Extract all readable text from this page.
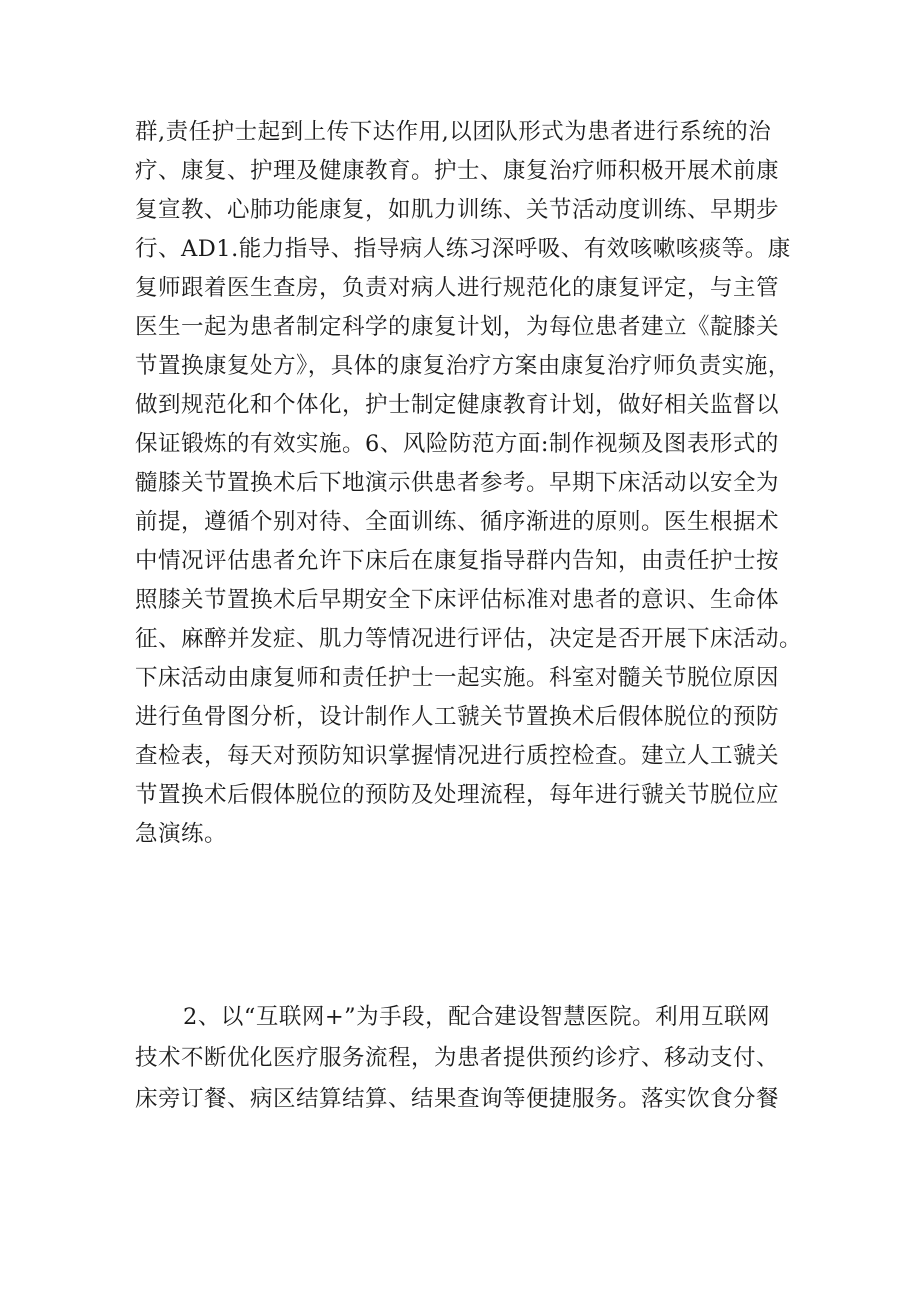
群,责任护士起到上传下达作用,以团队形式为患者进行系统的治
疗、康复、护理及健康教育。护士、康复治疗师积极开展术前康
复宣教、心肺功能康复，如肌力训练、关节活动度训练、早期步
行、AD1.能力指导、指导病人练习深呼吸、有效咳嗽咳痰等。康
复师跟着医生查房，负责对病人进行规范化的康复评定，与主管
医生一起为患者制定科学的康复计划，为每位患者建立《靛膝关
节置换康复处方》，具体的康复治疗方案由康复治疗师负责实施，
做到规范化和个体化，护士制定健康教育计划，做好相关监督以
保证锻炼的有效实施。6、风险防范方面:制作视频及图表形式的
髓膝关节置换术后下地演示供患者参考。早期下床活动以安全为
前提，遵循个别对待、全面训练、循序渐进的原则。医生根据术
中情况评估患者允许下床后在康复指导群内告知，由责任护士按
照膝关节置换术后早期安全下床评估标准对患者的意识、生命体
征、麻醉并发症、肌力等情况进行评估，决定是否开展下床活动。
下床活动由康复师和责任护士一起实施。科室对髓关节脱位原因
进行鱼骨图分析，设计制作人工虢关节置换术后假体脱位的预防
查检表，每天对预防知识掌握情况进行质控检查。建立人工虢关
节置换术后假体脱位的预防及处理流程，每年进行虢关节脱位应
急演练。
2、以“互联网+”为手段，配合建设智慧医院。利用互联网
技术不断优化医疗服务流程，为患者提供预约诊疗、移动支付、
床旁订餐、病区结算结算、结果查询等便捷服务。落实饮食分餐
